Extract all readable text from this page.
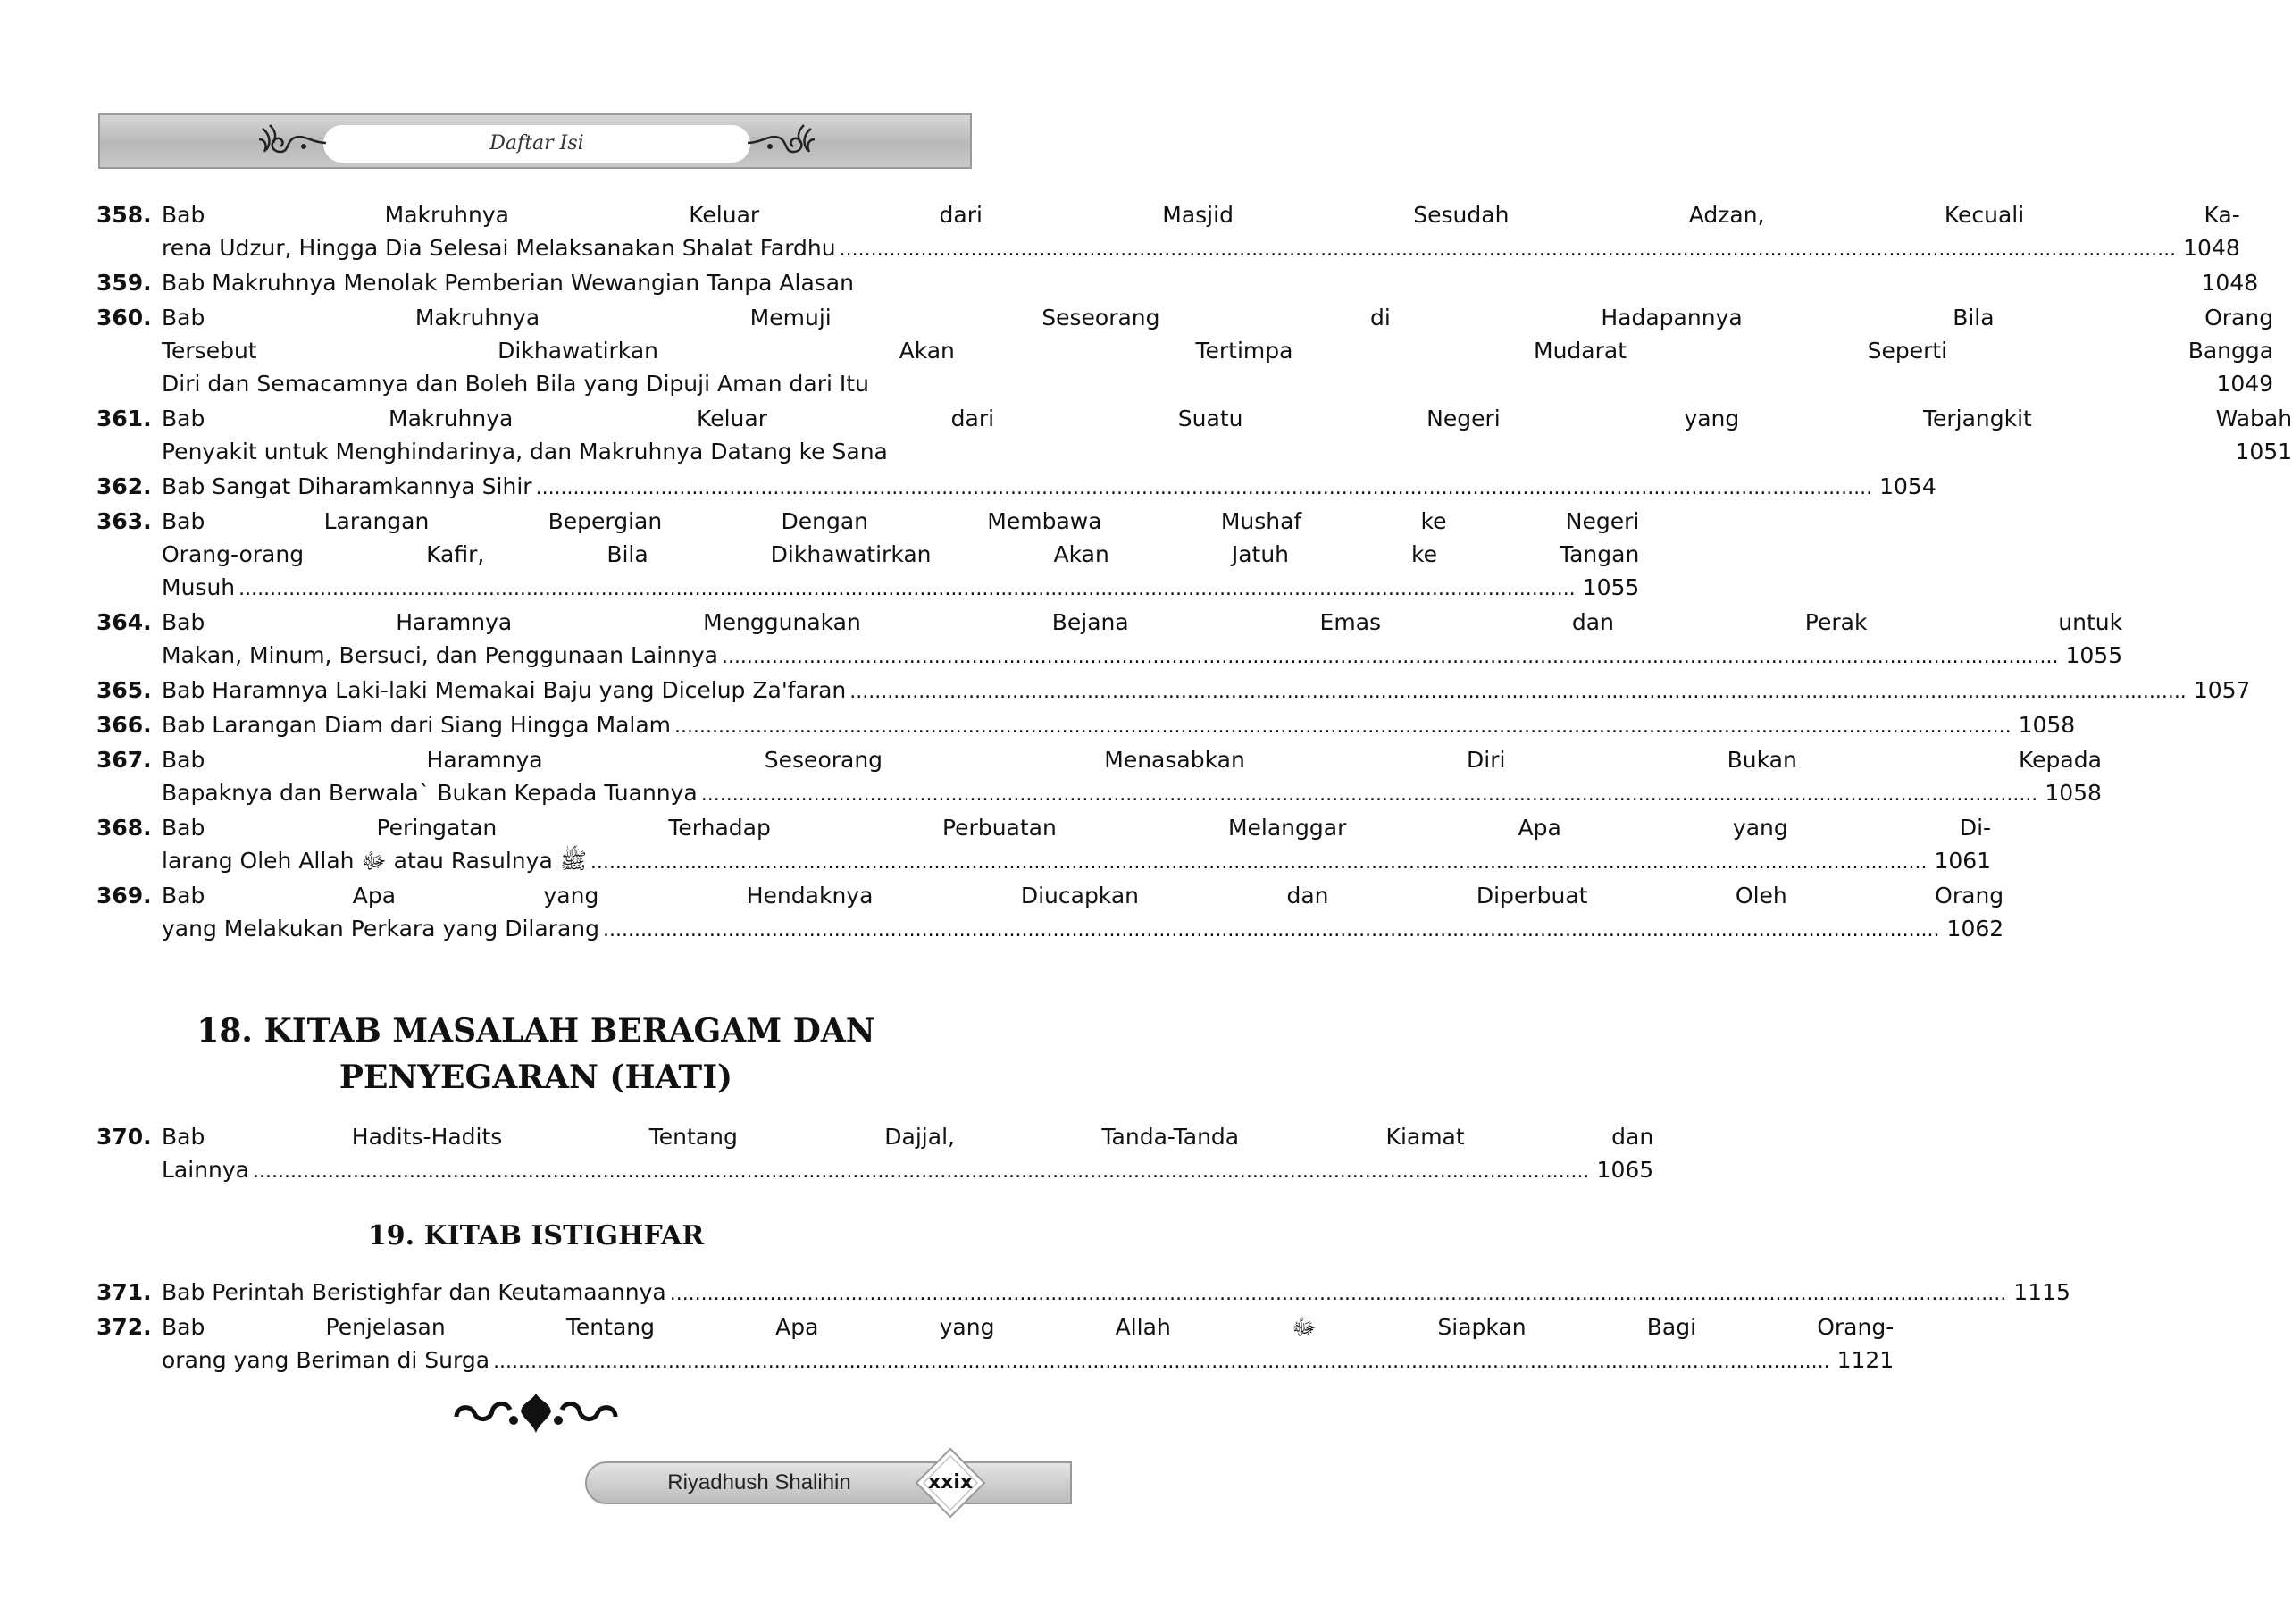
Daftar Isi
358. Bab Makruhnya Keluar dari Masjid Sesudah Adzan, Kecuali Ka-
rena Udzur, Hingga Dia Selesai Melaksanakan Shalat Fardhu .....	1048
359. Bab Makruhnya Menolak Pemberian Wewangian Tanpa Alasan	1048
360. Bab Makruhnya Memuji Seseorang di Hadapannya Bila Orang
Tersebut Dikhawatirkan Akan Tertimpa Mudarat Seperti Bangga
Diri dan Semacamnya dan Boleh Bila yang Dipuji Aman dari Itu	1049
361. Bab Makruhnya Keluar dari Suatu Negeri yang Terjangkit Wabah
Penyakit untuk Menghindarinya, dan Makruhnya Datang ke Sana	1051
362. Bab Sangat Diharamkannya Sihir .....	1054
363. Bab Larangan Bepergian Dengan Membawa Mushaf ke Negeri
Orang-orang Kafir, Bila Dikhawatirkan Akan Jatuh ke Tangan
Musuh .....	1055
364. Bab Haramnya Menggunakan Bejana Emas dan Perak untuk
Makan, Minum, Bersuci, dan Penggunaan Lainnya .....	1055
365. Bab Haramnya Laki-laki Memakai Baju yang Dicelup Za'faran .....	1057
366. Bab Larangan Diam dari Siang Hingga Malam .....	1058
367. Bab Haramnya Seseorang Menasabkan Diri Bukan Kepada
Bapaknya dan Berwala` Bukan Kepada Tuannya .....	1058
368. Bab Peringatan Terhadap Perbuatan Melanggar Apa yang Di-
larang Oleh Allah ﷻ atau Rasulnya ﷺ .....	1061
369. Bab Apa yang Hendaknya Diucapkan dan Diperbuat Oleh Orang
yang Melakukan Perkara yang Dilarang .....	1062
18. KITAB MASALAH BERAGAM DAN
PENYEGARAN (HATI)
370. Bab Hadits-Hadits Tentang Dajjal, Tanda-Tanda Kiamat dan
Lainnya .....	1065
19. KITAB ISTIGHFAR
371. Bab Perintah Beristighfar dan Keutamaannya .....	1115
372. Bab Penjelasan Tentang Apa yang Allah ﷻ Siapkan Bagi Orang-
orang yang Beriman di Surga .....	1121
Riyadhush Shalihin	xxix
